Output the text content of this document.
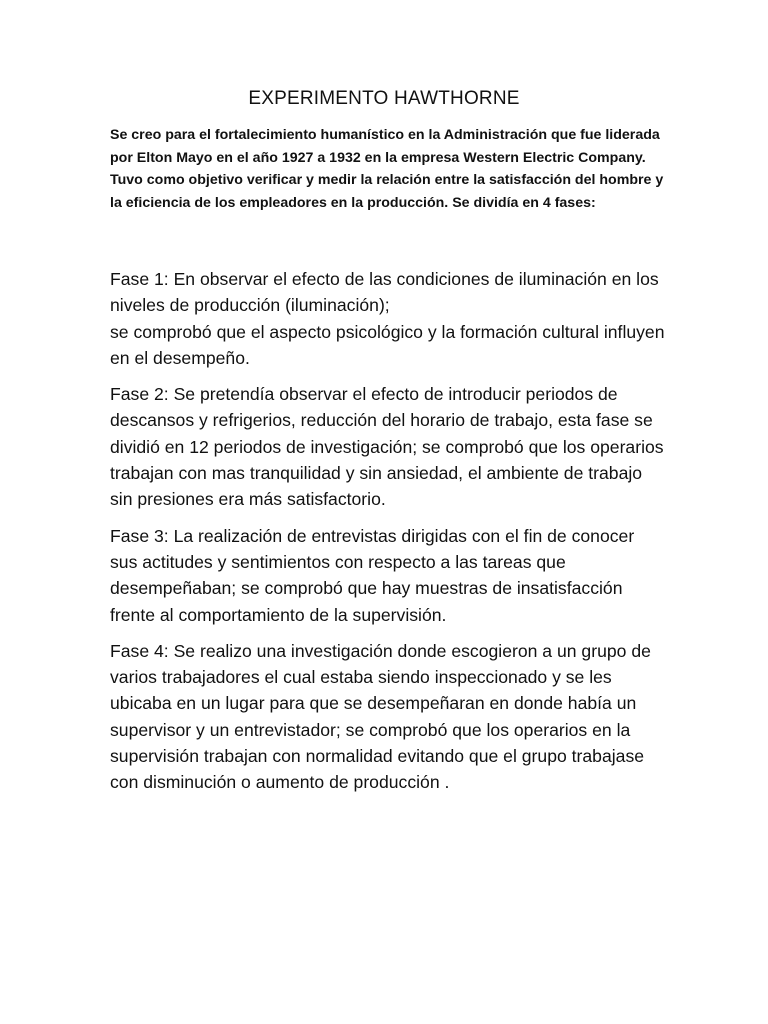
EXPERIMENTO HAWTHORNE

Se creo para el fortalecimiento humanístico en la Administración que fue liderada por Elton Mayo en el año 1927 a 1932 en la empresa Western Electric Company.

Tuvo como objetivo verificar y medir la relación entre la satisfacción del hombre y la eficiencia de los empleadores en la producción. Se dividía en 4 fases:

Fase 1: En observar el efecto de las condiciones de iluminación en los niveles de producción (iluminación);
se comprobó que el aspecto psicológico y la formación cultural influyen en el desempeño.

Fase 2: Se pretendía observar el efecto de introducir periodos de descansos y refrigerios, reducción del horario de trabajo, esta fase se dividió en 12 periodos de investigación; se comprobó que los operarios trabajan con mas tranquilidad y sin ansiedad, el ambiente de trabajo sin presiones era más satisfactorio.

Fase 3: La realización de entrevistas dirigidas con el fin de conocer sus actitudes y sentimientos con respecto a las tareas que desempeñaban; se comprobó que hay muestras de insatisfacción frente al comportamiento de la supervisión.

Fase 4: Se realizo una investigación donde escogieron a un grupo de varios trabajadores el cual estaba siendo inspeccionado y se les ubicaba en un lugar para que se desempeñaran en donde había un supervisor y un entrevistador; se comprobó que los operarios en la supervisión trabajan con normalidad evitando que el grupo trabajase con disminución o aumento de producción .
